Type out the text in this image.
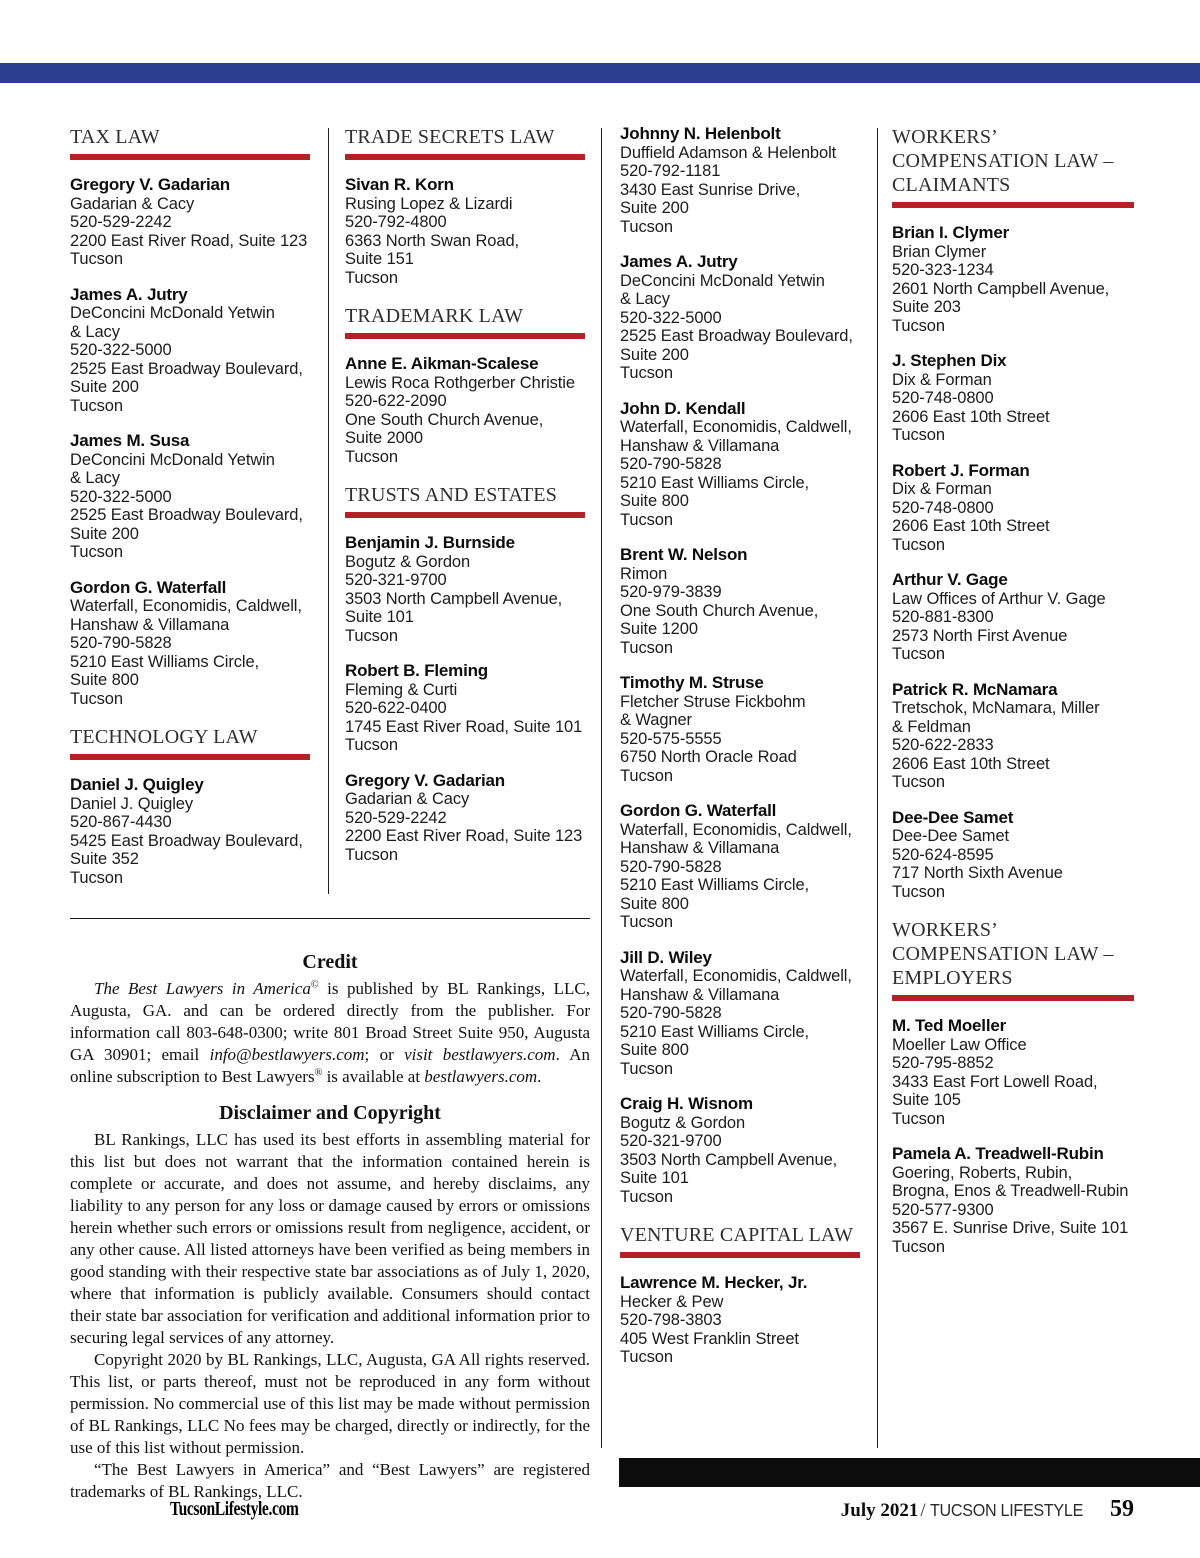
TAX LAW
Gregory V. Gadarian
Gadarian & Cacy
520-529-2242
2200 East River Road, Suite 123
Tucson
James A. Jutry
DeConcini McDonald Yetwin
& Lacy
520-322-5000
2525 East Broadway Boulevard,
Suite 200
Tucson
James M. Susa
DeConcini McDonald Yetwin
& Lacy
520-322-5000
2525 East Broadway Boulevard,
Suite 200
Tucson
Gordon G. Waterfall
Waterfall, Economidis, Caldwell,
Hanshaw & Villamana
520-790-5828
5210 East Williams Circle,
Suite 800
Tucson
TECHNOLOGY LAW
Daniel J. Quigley
Daniel J. Quigley
520-867-4430
5425 East Broadway Boulevard,
Suite 352
Tucson
TRADE SECRETS LAW
Sivan R. Korn
Rusing Lopez & Lizardi
520-792-4800
6363 North Swan Road,
Suite 151
Tucson
TRADEMARK LAW
Anne E. Aikman-Scalese
Lewis Roca Rothgerber Christie
520-622-2090
One South Church Avenue,
Suite 2000
Tucson
TRUSTS AND ESTATES
Benjamin J. Burnside
Bogutz & Gordon
520-321-9700
3503 North Campbell Avenue,
Suite 101
Tucson
Robert B. Fleming
Fleming & Curti
520-622-0400
1745 East River Road, Suite 101
Tucson
Gregory V. Gadarian
Gadarian & Cacy
520-529-2242
2200 East River Road, Suite 123
Tucson
Johnny N. Helenbolt
Duffield Adamson & Helenbolt
520-792-1181
3430 East Sunrise Drive,
Suite 200
Tucson
James A. Jutry
DeConcini McDonald Yetwin
& Lacy
520-322-5000
2525 East Broadway Boulevard,
Suite 200
Tucson
John D. Kendall
Waterfall, Economidis, Caldwell,
Hanshaw & Villamana
520-790-5828
5210 East Williams Circle,
Suite 800
Tucson
Brent W. Nelson
Rimon
520-979-3839
One South Church Avenue,
Suite 1200
Tucson
Timothy M. Struse
Fletcher Struse Fickbohm
& Wagner
520-575-5555
6750 North Oracle Road
Tucson
Gordon G. Waterfall
Waterfall, Economidis, Caldwell,
Hanshaw & Villamana
520-790-5828
5210 East Williams Circle,
Suite 800
Tucson
Jill D. Wiley
Waterfall, Economidis, Caldwell,
Hanshaw & Villamana
520-790-5828
5210 East Williams Circle,
Suite 800
Tucson
Craig H. Wisnom
Bogutz & Gordon
520-321-9700
3503 North Campbell Avenue,
Suite 101
Tucson
VENTURE CAPITAL LAW
Lawrence M. Hecker, Jr.
Hecker & Pew
520-798-3803
405 West Franklin Street
Tucson
WORKERS’ COMPENSATION LAW – CLAIMANTS
Brian I. Clymer
Brian Clymer
520-323-1234
2601 North Campbell Avenue,
Suite 203
Tucson
J. Stephen Dix
Dix & Forman
520-748-0800
2606 East 10th Street
Tucson
Robert J. Forman
Dix & Forman
520-748-0800
2606 East 10th Street
Tucson
Arthur V. Gage
Law Offices of Arthur V. Gage
520-881-8300
2573 North First Avenue
Tucson
Patrick R. McNamara
Tretschok, McNamara, Miller
& Feldman
520-622-2833
2606 East 10th Street
Tucson
Dee-Dee Samet
Dee-Dee Samet
520-624-8595
717 North Sixth Avenue
Tucson
WORKERS’ COMPENSATION LAW – EMPLOYERS
M. Ted Moeller
Moeller Law Office
520-795-8852
3433 East Fort Lowell Road,
Suite 105
Tucson
Pamela A. Treadwell-Rubin
Goering, Roberts, Rubin,
Brogna, Enos & Treadwell-Rubin
520-577-9300
3567 E. Sunrise Drive, Suite 101
Tucson
Credit

The Best Lawyers in America© is published by BL Rankings, LLC, Augusta, GA. and can be ordered directly from the publisher. For information call 803-648-0300; write 801 Broad Street Suite 950, Augusta GA 30901; email info@bestlawyers.com; or visit bestlawyers.com. An online subscription to Best Lawyers® is available at bestlawyers.com.

Disclaimer and Copyright

BL Rankings, LLC has used its best efforts in assembling material for this list but does not warrant that the information contained herein is complete or accurate, and does not assume, and hereby disclaims, any liability to any person for any loss or damage caused by errors or omissions herein whether such errors or omissions result from negligence, accident, or any other cause. All listed attorneys have been verified as being members in good standing with their respective state bar associations as of July 1, 2020, where that information is publicly available. Consumers should contact their state bar association for verification and additional information prior to securing legal services of any attorney.

Copyright 2020 by BL Rankings, LLC, Augusta, GA All rights reserved. This list, or parts thereof, must not be reproduced in any form without permission. No commercial use of this list may be made without permission of BL Rankings, LLC No fees may be charged, directly or indirectly, for the use of this list without permission.

“The Best Lawyers in America” and “Best Lawyers” are registered trademarks of BL Rankings, LLC.

TucsonLifestyle.com	July 2021 / TUCSON LIFESTYLE 59
